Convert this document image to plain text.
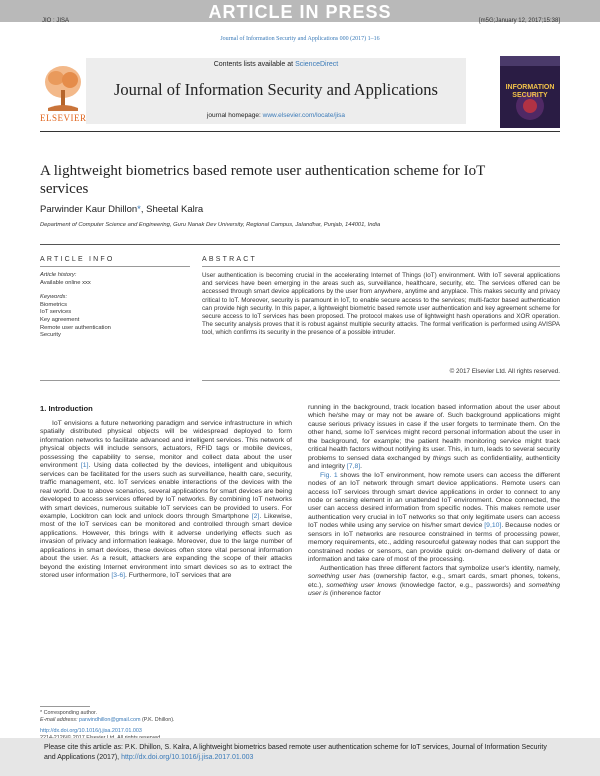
ARTICLE IN PRESS
JIO : JISA	[m5G;January 12, 2017;15:38]
Journal of Information Security and Applications 000 (2017) 1–16
Contents lists available at ScienceDirect
Journal of Information Security and Applications
journal homepage: www.elsevier.com/locate/jisa
ELSEVIER
INFORMATION SECURITY
A lightweight biometrics based remote user authentication scheme for IoT services
Parwinder Kaur Dhillon*, Sheetal Kalra
Department of Computer Science and Engineering, Guru Nanak Dev University, Regional Campus, Jalandhar, Punjab, 144001, India
ARTICLE INFO
Article history:
Available online xxx
Keywords:
Biometrics
IoT services
Key agreement
Remote user authentication
Security
ABSTRACT
User authentication is becoming crucial in the accelerating Internet of Things (IoT) environment. With IoT several applications and services have been emerging in the areas such as, surveillance, healthcare, security, etc. The services offered can be accessed through smart device applications by the user from anywhere, anytime and anyplace. This makes security and privacy critical to IoT. Moreover, security is paramount in IoT, to enable secure access to the services; multi-factor based authentication can provide high security. In this paper, a lightweight biometric based remote user authentication and key agreement scheme for secure access to IoT services has been proposed. The protocol makes use of lightweight hash operations and XOR operation. The security analysis proves that it is robust against multiple security attacks. The formal verification is performed using AVISPA tool, which confirms its security in the presence of a possible intruder.
© 2017 Elsevier Ltd. All rights reserved.
1. Introduction

IoT envisions a future networking paradigm and service infrastructure in which spatially distributed physical objects will be widespread deployed to form information networks to facilitate advanced and intelligent services. This network of physical objects will include sensors, actuators, RFID tags or mobile devices, possessing the capability to sense, monitor and collect data about the user environment [1]. Using data collected by the devices, intelligent and ubiquitous services can be facilitated for the users such as surveillance, health care, security, traffic management, etc. IoT services enable interactions of the devices with the real world. Due to above scenarios, several applications for smart devices are being developed to access services offered by IoT networks. By combining IoT networks with smart devices, numerous suitable IoT services can be provided to users. For example, Lockitron can lock and unlock doors through Smartphone [2]. Likewise, most of the IoT services can be monitored and controlled through smart device applications. However, this brings with it adverse underlying effects such as invasion of privacy and information leakage. Moreover, due to the large number of applications in smart devices, these devices often store vital personal information about the user. As a result, attackers are expanding the scope of their attacks beyond the existing Internet environment into smart devices so as to extract the stored user information [3-6]. Furthermore, IoT services that are

running in the background, track location based information about the user about which he/she may or may not be aware of. Such background applications might cause serious privacy issues in case if the user forgets to terminate them. On the other hand, some IoT services might record personal information about the user in the background, for example; the patient health monitoring service might track critical health factors without notifying its user. This, in turn, leads to several security problems to sensed data exchanged by things such as confidentiality, authenticity and integrity [7,8].

Fig. 1 shows the IoT environment, how remote users can access the different nodes of an IoT network through smart device applications. Remote users can access IoT services through smart device applications in order to connect to any node or sensing element in an unattended IoT environment. Once connected, the user can access desired information from specific nodes. This makes remote user authentication very crucial in IoT networks so that only legitimate users can access IoT nodes while using any service on his/her smart device [9,10]. Because nodes or sensors in IoT networks are resource constrained in terms of processing power, memory requirements, etc., adding resourceful gateway nodes that can support the constrained nodes or sensors, can provide quick on-demand delivery of data or information and take care of most of the processing.

Authentication has three different factors that symbolize user's identity, namely, something user has (ownership factor, e.g., smart cards, smart phones, tokens, etc.), something user knows (knowledge factor, e.g., passwords) and something user is (inherence factor

* Corresponding author.
E-mail address: parwindhillon@gmail.com (P.K. Dhillon).
http://dx.doi.org/10.1016/j.jisa.2017.01.003
Please cite this article as: P.K. Dhillon, S. Kalra, A lightweight biometrics based remote user authentication scheme for IoT services, Journal of Information Security and Applications (2017), http://dx.doi.org/10.1016/j.jisa.2017.01.003
